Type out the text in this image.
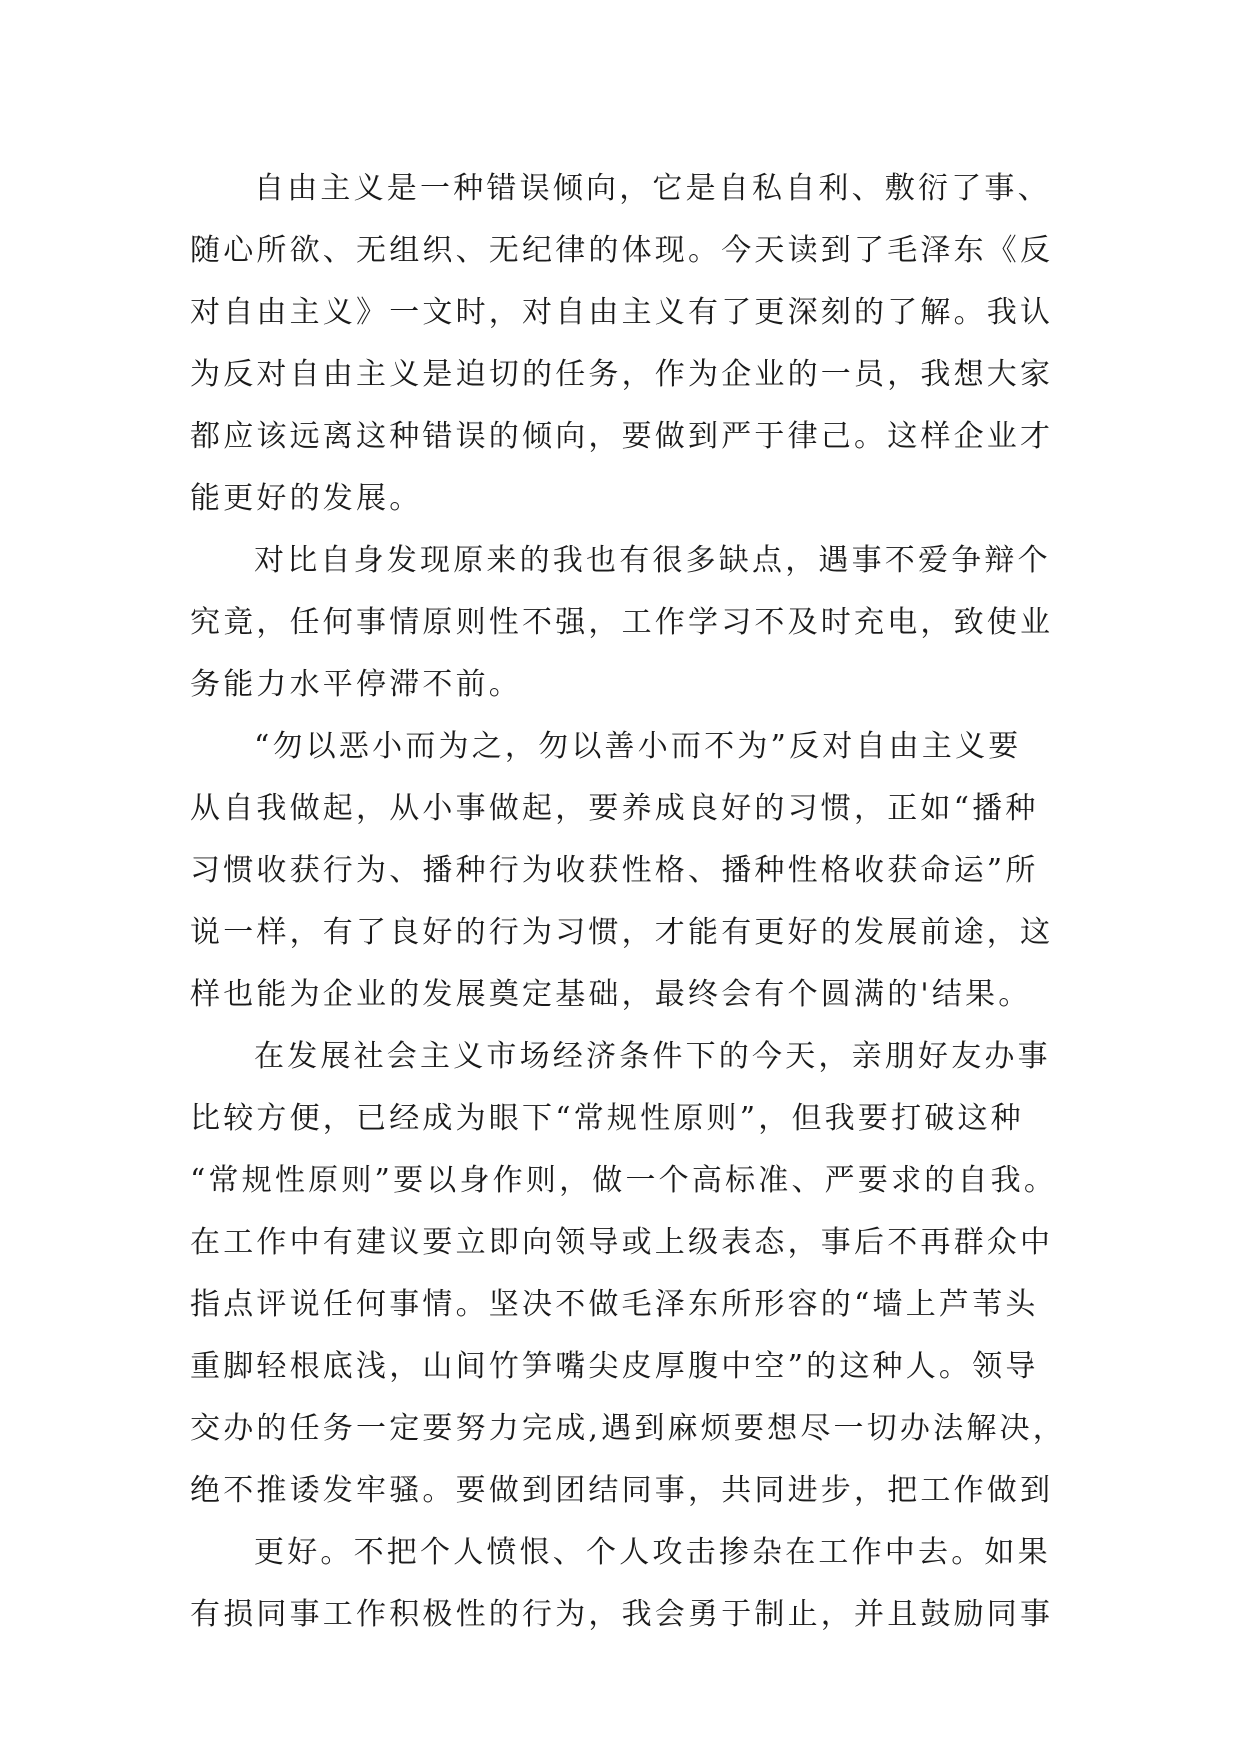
自由主义是一种错误倾向，它是自私自利、敷衍了事、
随心所欲、无组织、无纪律的体现。今天读到了毛泽东《反
对自由主义》一文时，对自由主义有了更深刻的了解。我认
为反对自由主义是迫切的任务，作为企业的一员，我想大家
都应该远离这种错误的倾向，要做到严于律己。这样企业才
能更好的发展。
对比自身发现原来的我也有很多缺点，遇事不爱争辩个
究竟，任何事情原则性不强，工作学习不及时充电，致使业
务能力水平停滞不前。
“勿以恶小而为之，勿以善小而不为”反对自由主义要
从自我做起，从小事做起，要养成良好的习惯，正如“播种
习惯收获行为、播种行为收获性格、播种性格收获命运”所
说一样，有了良好的行为习惯，才能有更好的发展前途，这
样也能为企业的发展奠定基础，最终会有个圆满的'结果。
在发展社会主义市场经济条件下的今天，亲朋好友办事
比较方便，已经成为眼下“常规性原则”，但我要打破这种
“常规性原则”要以身作则，做一个高标准、严要求的自我。
在工作中有建议要立即向领导或上级表态，事后不再群众中
指点评说任何事情。坚决不做毛泽东所形容的“墙上芦苇头
重脚轻根底浅，山间竹笋嘴尖皮厚腹中空”的这种人。领导
交办的任务一定要努力完成,遇到麻烦要想尽一切办法解决，
绝不推诿发牢骚。要做到团结同事，共同进步，把工作做到
更好。不把个人愤恨、个人攻击掺杂在工作中去。如果
有损同事工作积极性的行为，我会勇于制止，并且鼓励同事
